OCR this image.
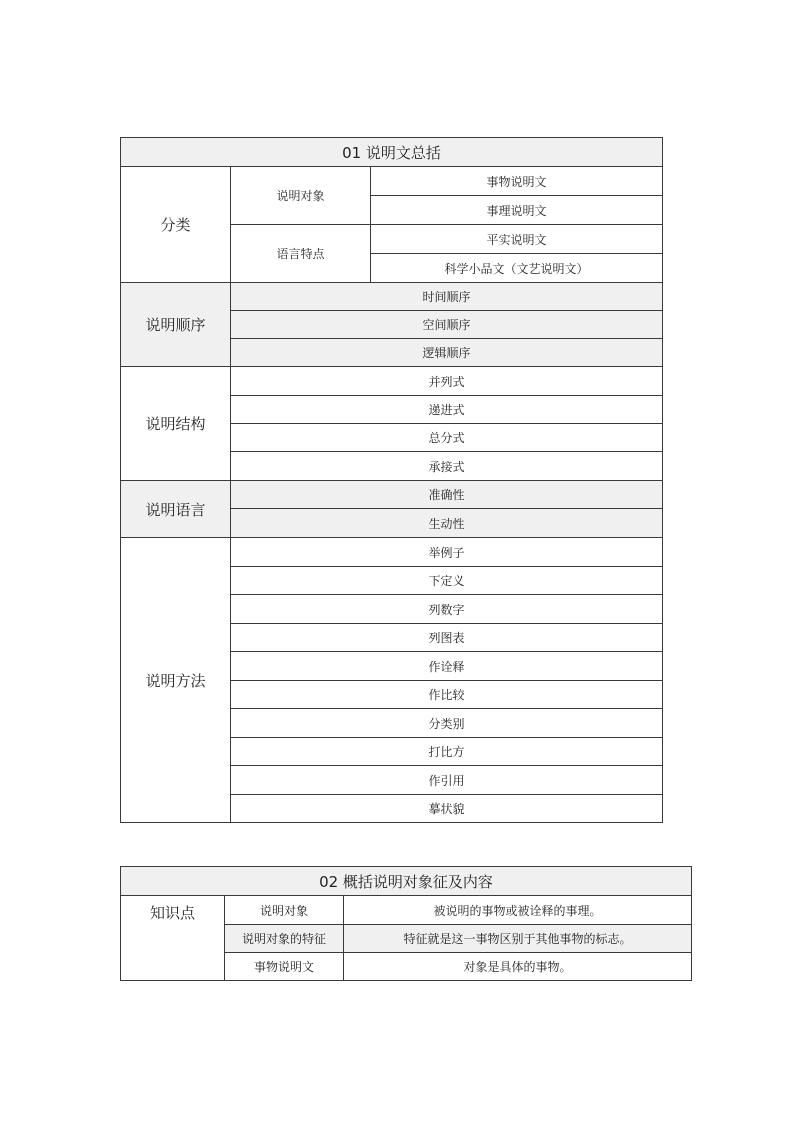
01 说明文总括		
分类	说明对象	事物说明文
		事理说明文
	语言特点	平实说明文
		科学小品文（文艺说明文）
说明顺序	时间顺序	
	空间顺序	
	逻辑顺序	
说明结构	并列式	
	递进式	
	总分式	
	承接式	
说明语言	准确性	
	生动性	
说明方法	举例子	
	下定义	
	列数字	
	列图表	
	作诠释	
	作比较	
	分类别	
	打比方	
	作引用	
	摹状貌	
02 概括说明对象征及内容		
知识点	说明对象	被说明的事物或被诠释的事理。
	说明对象的特征	特征就是这一事物区别于其他事物的标志。
	事物说明文	对象是具体的事物。
